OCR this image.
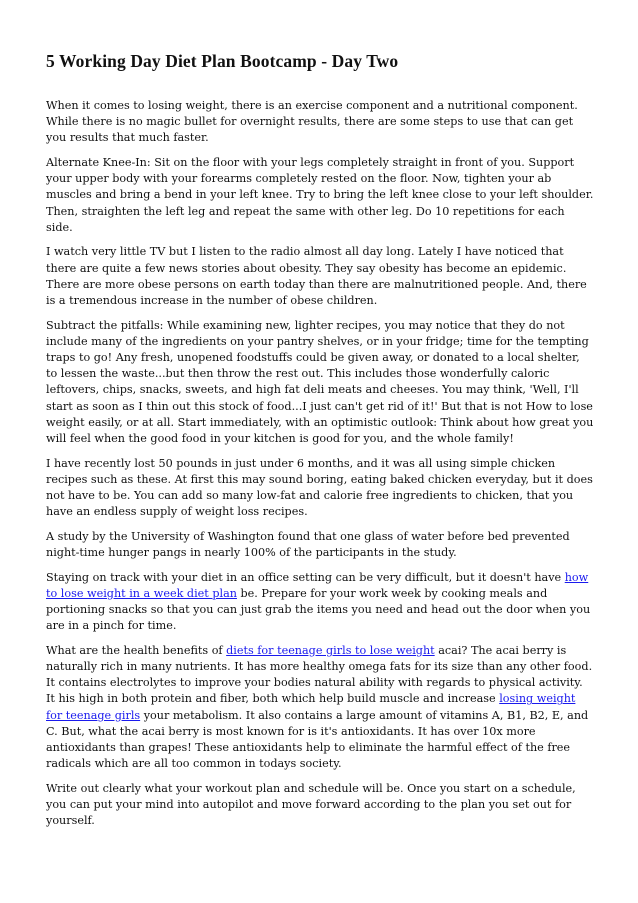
5 Working Day Diet Plan Bootcamp - Day Two

When it comes to losing weight, there is an exercise component and a nutritional component. While there is no magic bullet for overnight results, there are some steps to use that can get you results that much faster.

Alternate Knee-In: Sit on the floor with your legs completely straight in front of you. Support your upper body with your forearms completely rested on the floor. Now, tighten your ab muscles and bring a bend in your left knee. Try to bring the left knee close to your left shoulder. Then, straighten the left leg and repeat the same with other leg. Do 10 repetitions for each side.

I watch very little TV but I listen to the radio almost all day long. Lately I have noticed that there are quite a few news stories about obesity. They say obesity has become an epidemic. There are more obese persons on earth today than there are malnutritioned people. And, there is a tremendous increase in the number of obese children.

Subtract the pitfalls: While examining new, lighter recipes, you may notice that they do not include many of the ingredients on your pantry shelves, or in your fridge; time for the tempting traps to go! Any fresh, unopened foodstuffs could be given away, or donated to a local shelter, to lessen the waste...but then throw the rest out. This includes those wonderfully caloric leftovers, chips, snacks, sweets, and high fat deli meats and cheeses. You may think, 'Well, I'll start as soon as I thin out this stock of food...I just can't get rid of it!' But that is not How to lose weight easily, or at all. Start immediately, with an optimistic outlook: Think about how great you will feel when the good food in your kitchen is good for you, and the whole family!

I have recently lost 50 pounds in just under 6 months, and it was all using simple chicken recipes such as these. At first this may sound boring, eating baked chicken everyday, but it does not have to be. You can add so many low-fat and calorie free ingredients to chicken, that you have an endless supply of weight loss recipes.

A study by the University of Washington found that one glass of water before bed prevented night-time hunger pangs in nearly 100% of the participants in the study.

Staying on track with your diet in an office setting can be very difficult, but it doesn't have how to lose weight in a week diet plan be. Prepare for your work week by cooking meals and portioning snacks so that you can just grab the items you need and head out the door when you are in a pinch for time.

What are the health benefits of diets for teenage girls to lose weight acai? The acai berry is naturally rich in many nutrients. It has more healthy omega fats for its size than any other food. It contains electrolytes to improve your bodies natural ability with regards to physical activity. It his high in both protein and fiber, both which help build muscle and increase losing weight for teenage girls your metabolism. It also contains a large amount of vitamins A, B1, B2, E, and C. But, what the acai berry is most known for is it's antioxidants. It has over 10x more antioxidants than grapes! These antioxidants help to eliminate the harmful effect of the free radicals which are all too common in todays society.

Write out clearly what your workout plan and schedule will be. Once you start on a schedule, you can put your mind into autopilot and move forward according to the plan you set out for yourself.
